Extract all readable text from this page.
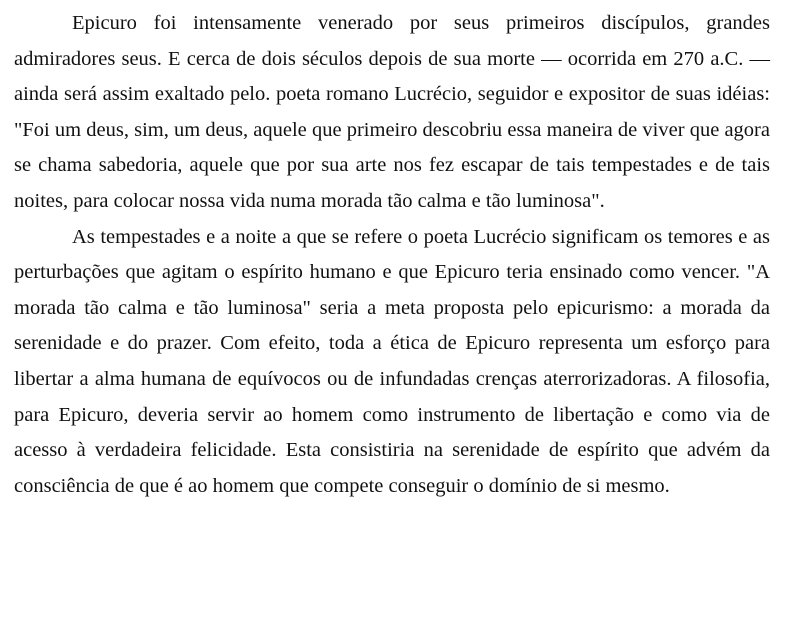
Epicuro foi intensamente venerado por seus primeiros discípulos, grandes admiradores seus. E cerca de dois séculos depois de sua morte — ocorrida em 270 a.C. — ainda será assim exaltado pelo. poeta romano Lucrécio, seguidor e expositor de suas idéias: "Foi um deus, sim, um deus, aquele que primeiro descobriu essa maneira de viver que agora se chama sabedoria, aquele que por sua arte nos fez escapar de tais tempestades e de tais noites, para colocar nossa vida numa morada tão calma e tão luminosa".

As tempestades e a noite a que se refere o poeta Lucrécio significam os temores e as perturbações que agitam o espírito humano e que Epicuro teria ensinado como vencer. "A morada tão calma e tão luminosa" seria a meta proposta pelo epicurismo: a morada da serenidade e do prazer. Com efeito, toda a ética de Epicuro representa um esforço para libertar a alma humana de equívocos ou de infundadas crenças aterrorizadoras. A filosofia, para Epicuro, deveria servir ao homem como instrumento de libertação e como via de acesso à verdadeira felicidade. Esta consistiria na serenidade de espírito que advém da consciência de que é ao homem que compete conseguir o domínio de si mesmo.
